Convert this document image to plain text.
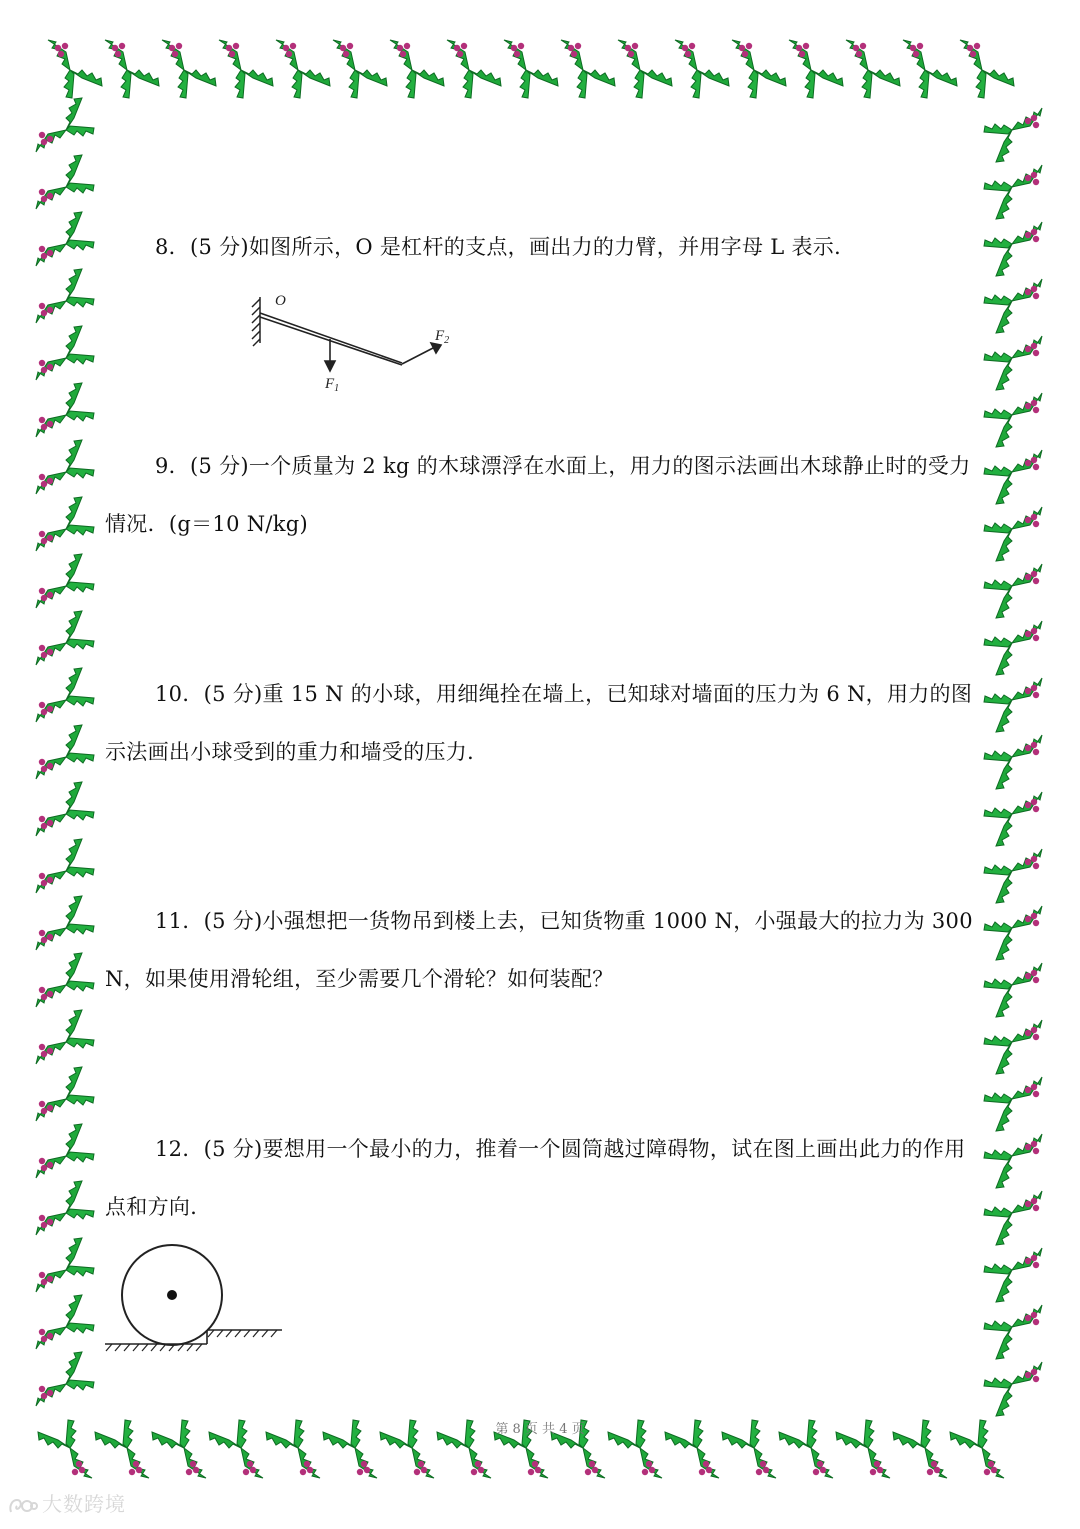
8．(5 分)如图所示，O 是杠杆的支点，画出力的力臂，并用字母 L 表示．
O
$F_1$
$F_2$
9．(5 分)一个质量为 2 kg 的木球漂浮在水面上，用力的图示法画出木球静止时的受力情况．(g＝10 N/kg)
10．(5 分)重 15 N 的小球，用细绳拴在墙上，已知球对墙面的压力为 6 N，用力的图示法画出小球受到的重力和墙受的压力．
11．(5 分)小强想把一货物吊到楼上去，已知货物重 1000 N，小强最大的拉力为 300 N，如果使用滑轮组，至少需要几个滑轮？如何装配？
12．(5 分)要想用一个最小的力，推着一个圆筒越过障碍物，试在图上画出此力的作用点和方向．
第 8 页 共 4 页
大数跨境
